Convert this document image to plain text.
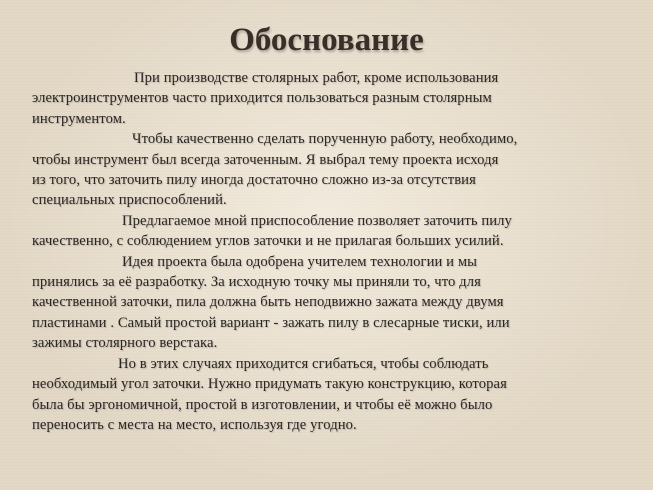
Обоснование
При производстве столярных работ, кроме использования
электроинструментов часто приходится пользоваться разным столярным
инструментом.
Чтобы качественно сделать порученную работу, необходимо,
чтобы инструмент был всегда заточенным. Я выбрал тему проекта исходя
из того, что заточить пилу иногда достаточно сложно из-за отсутствия
специальных приспособлений.
Предлагаемое мной приспособление позволяет заточить пилу
качественно, с соблюдением углов заточки и не прилагая больших усилий.
Идея проекта была одобрена учителем технологии и мы
принялись за её разработку. За исходную точку мы приняли то, что для
качественной заточки, пила должна быть неподвижно зажата между двумя
пластинами . Самый простой вариант - зажать пилу в слесарные тиски, или
зажимы столярного верстака.
Но в этих случаях приходится сгибаться, чтобы соблюдать
необходимый угол заточки. Нужно придумать такую конструкцию, которая
была бы эргономичной, простой в изготовлении, и чтобы её можно было
переносить с места на место, используя где угодно.
